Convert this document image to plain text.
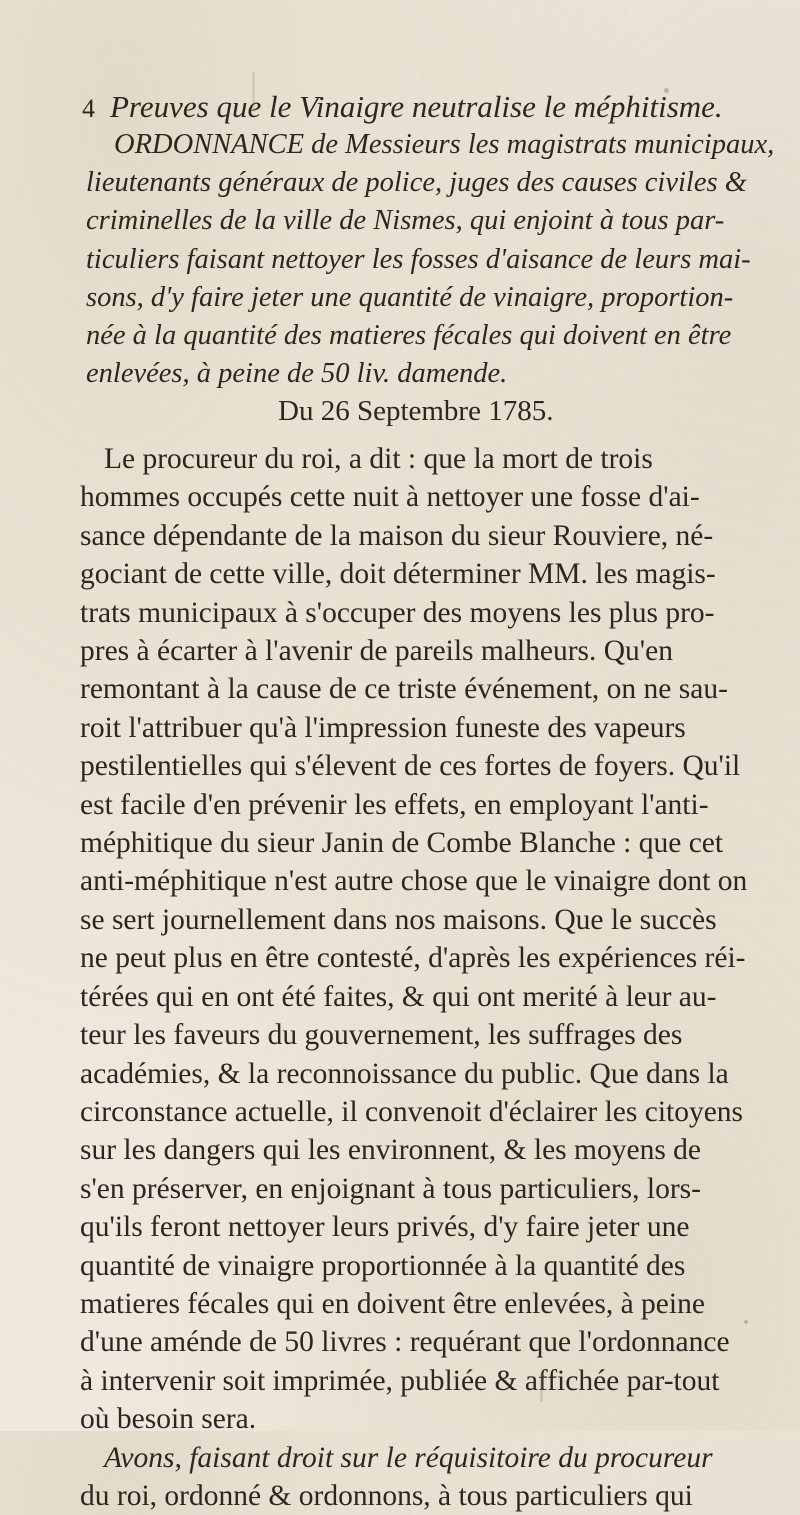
4 Preuves que le Vinaigre neutralise le méphitisme.
ORDONNANCE de Messieurs les magistrats municipaux,
lieutenants généraux de police, juges des causes civiles &
criminelles de la ville de Nismes, qui enjoint à tous par-
ticuliers faisant nettoyer les fosses d'aisance de leurs mai-
sons, d'y faire jeter une quantité de vinaigre, proportion-
née à la quantité des matieres fécales qui doivent en être
enlevées, à peine de 50 liv. damende.
Du 26 Septembre 1785.
Le procureur du roi, a dit : que la mort de trois
hommes occupés cette nuit à nettoyer une fosse d'ai-
sance dépendante de la maison du sieur Rouviere, né-
gociant de cette ville, doit déterminer MM. les magis-
trats municipaux à s'occuper des moyens les plus pro-
pres à écarter à l'avenir de pareils malheurs. Qu'en
remontant à la cause de ce triste événement, on ne sau-
roit l'attribuer qu'à l'impression funeste des vapeurs
pestilentielles qui s'élevent de ces fortes de foyers. Qu'il
est facile d'en prévenir les effets, en employant l'anti-
méphitique du sieur Janin de Combe Blanche : que cet
anti-méphitique n'est autre chose que le vinaigre dont on
se sert journellement dans nos maisons. Que le succès
ne peut plus en être contesté, d'après les expériences réi-
térées qui en ont été faites, & qui ont merité à leur au-
teur les faveurs du gouvernement, les suffrages des
académies, & la reconnoissance du public. Que dans la
circonstance actuelle, il convenoit d'éclairer les citoyens
sur les dangers qui les environnent, & les moyens de
s'en préserver, en enjoignant à tous particuliers, lors-
qu'ils feront nettoyer leurs privés, d'y faire jeter une
quantité de vinaigre proportionnée à la quantité des
matieres fécales qui en doivent être enlevées, à peine
d'une aménde de 50 livres : requérant que l'ordonnance
à intervenir soit imprimée, publiée & affichée par-tout
où besoin sera.
Avons, faisant droit sur le réquisitoire du procureur
du roi, ordonné & ordonnons, à tous particuliers qui
